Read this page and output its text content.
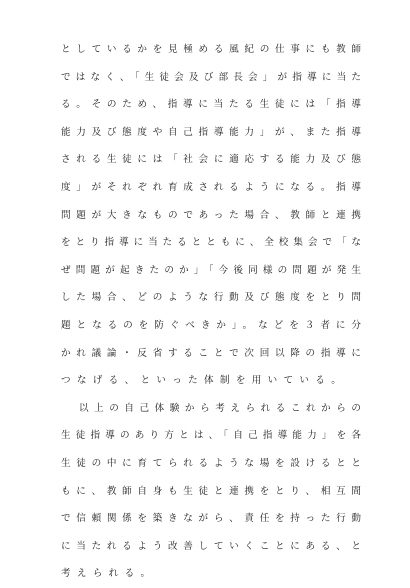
としているかを見極める風紀の仕事にも教師
ではなく、「生徒会及び部長会」が指導に当た
る。そのため、指導に当たる生徒には「指導
能力及び態度や自己指導能力」が、また指導
される生徒には「社会に適応する能力及び態
度」がそれぞれ育成されるようになる。指導
問題が大きなものであった場合、教師と連携
をとり指導に当たるとともに、全校集会で「な
ぜ問題が起きたのか」「今後同様の問題が発生
した場合、どのような行動及び態度をとり問
題となるのを防ぐべきか」。などを３者に分
かれ議論・反省することで次回以降の指導に
つなげる、といった体制を用いている。
以上の自己体験から考えられるこれからの
生徒指導のあり方とは、「自己指導能力」を各
生徒の中に育てられるような場を設けるとと
もに、教師自身も生徒と連携をとり、相互間
で信頼関係を築きながら、責任を持った行動
に当たれるよう改善していくことにある、と
考えられる。
